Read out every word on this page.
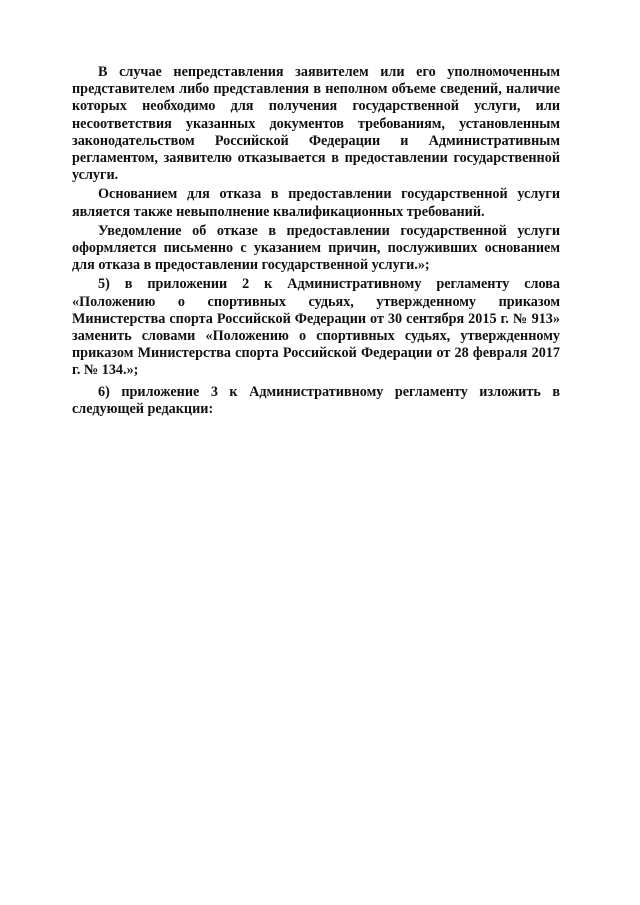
В случае непредставления заявителем или его уполномоченным представителем либо представления в неполном объеме сведений, наличие которых необходимо для получения государственной услуги, или несоответствия указанных документов требованиям, установленным законодательством Российской Федерации и Административным регламентом, заявителю отказывается в предоставлении государственной услуги.

Основанием для отказа в предоставлении государственной услуги является также невыполнение квалификационных требований.

Уведомление об отказе в предоставлении государственной услуги оформляется письменно с указанием причин, послуживших основанием для отказа в предоставлении государственной услуги.»;

5) в приложении 2 к Административному регламенту слова «Положению о спортивных судьях, утвержденному приказом Министерства спорта Российской Федерации от 30 сентября 2015 г. № 913» заменить словами «Положению о спортивных судьях, утвержденному приказом Министерства спорта Российской Федерации от 28 февраля 2017 г. № 134.»;

6) приложение 3 к Административному регламенту изложить в следующей редакции:
